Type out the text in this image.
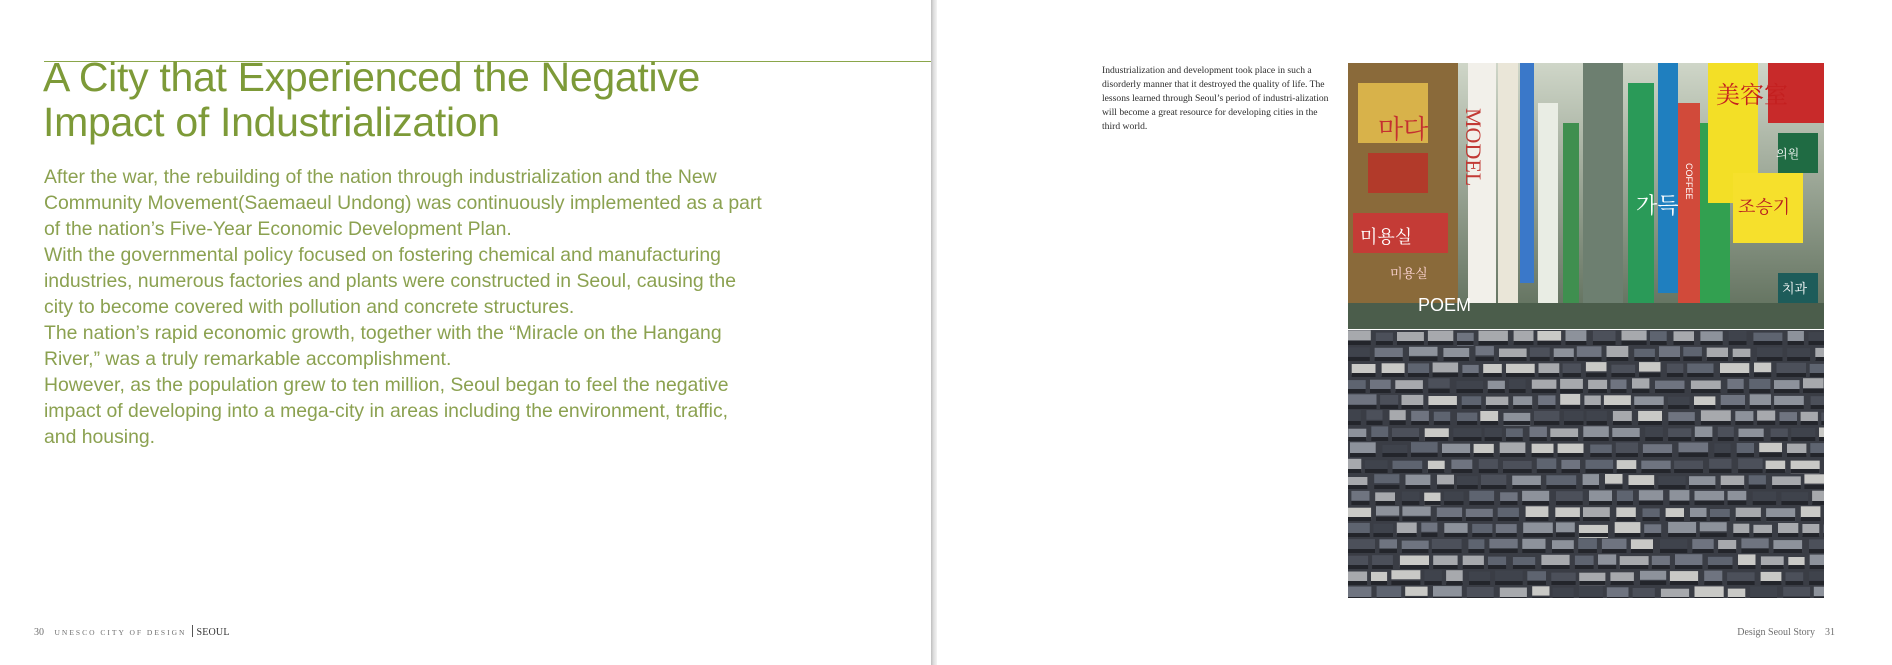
A City that Experienced the Negative
Impact of Industrialization

After the war, the rebuilding of the nation through industrialization and the New Community Movement(Saemaeul Undong) was continuously implemented as a part of the nation’s Five-Year Economic Development Plan.

With the governmental policy focused on fostering chemical and manufacturing industries, numerous factories and plants were constructed in Seoul, causing the city to become covered with pollution and concrete structures.

The nation’s rapid economic growth, together with the “Miracle on the Hangang River,” was a truly remarkable accomplishment.

However, as the population grew to ten million, Seoul began to feel the negative impact of developing into a mega-city in areas including the environment, traffic, and housing.

30 UNESCO CITY OF DESIGN SEOUL
Industrialization and development took place in such a disorderly manner that it destroyed the quality of life. The lessons learned through Seoul’s period of industri-alization will become a great resource for developing cities in the third world.	MODEL
마다
미용실
POEM
미용실
가득	조승기
美容室
COFFEE
의원
치과
Design Seoul Story 31
